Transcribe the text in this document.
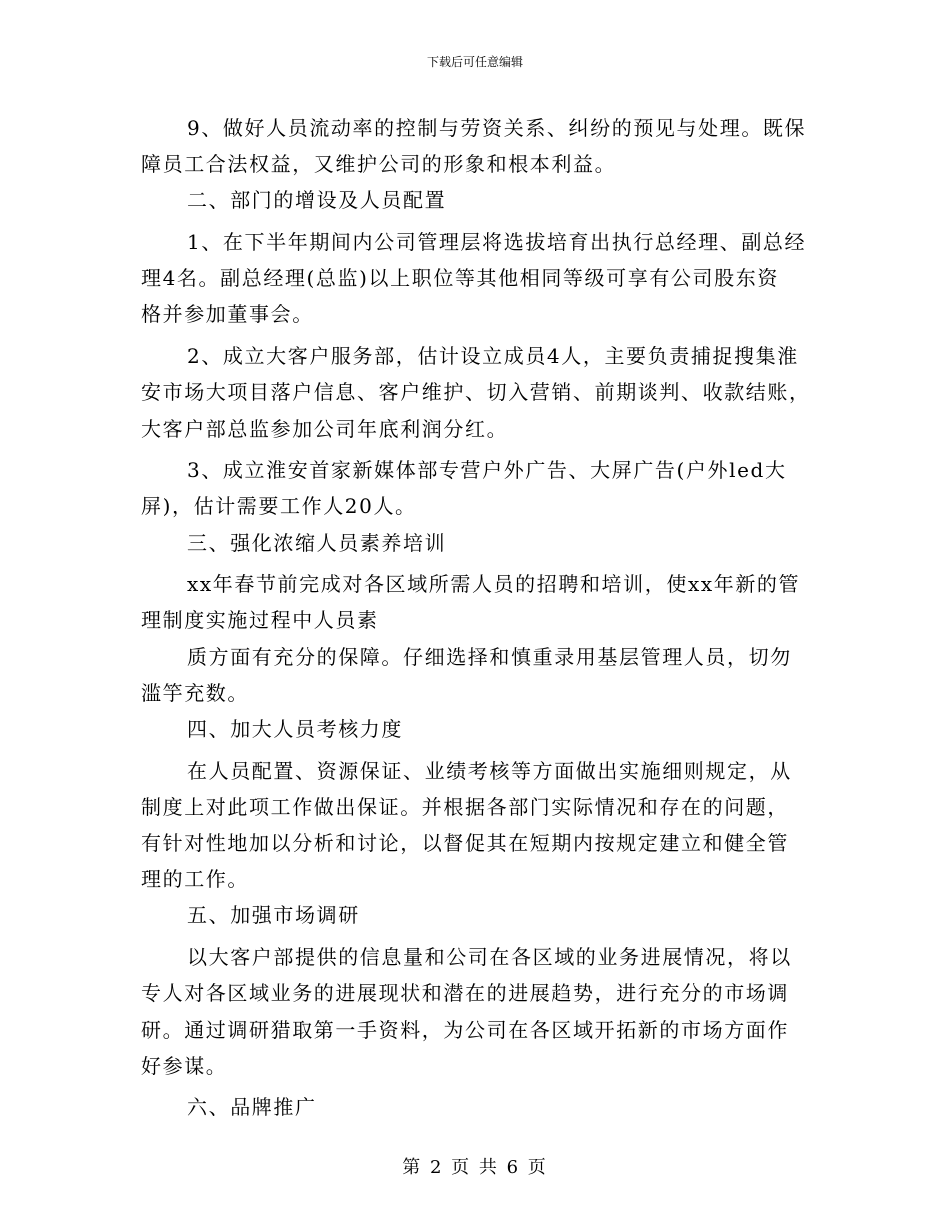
下载后可任意编辑
9、做好人员流动率的控制与劳资关系、纠纷的预见与处理。既保
障员工合法权益，又维护公司的形象和根本利益。
二、部门的增设及人员配置
1、在下半年期间内公司管理层将选拔培育出执行总经理、副总经
理4名。副总经理(总监)以上职位等其他相同等级可享有公司股东资
格并参加董事会。
2、成立大客户服务部，估计设立成员4人，主要负责捕捉搜集淮
安市场大项目落户信息、客户维护、切入营销、前期谈判、收款结账，
大客户部总监参加公司年底利润分红。
3、成立淮安首家新媒体部专营户外广告、大屏广告(户外led大
屏)，估计需要工作人20人。
三、强化浓缩人员素养培训
xx年春节前完成对各区域所需人员的招聘和培训，使xx年新的管
理制度实施过程中人员素
质方面有充分的保障。仔细选择和慎重录用基层管理人员，切勿
滥竽充数。
四、加大人员考核力度
在人员配置、资源保证、业绩考核等方面做出实施细则规定，从
制度上对此项工作做出保证。并根据各部门实际情况和存在的问题，
有针对性地加以分析和讨论，以督促其在短期内按规定建立和健全管
理的工作。
五、加强市场调研
以大客户部提供的信息量和公司在各区域的业务进展情况，将以
专人对各区域业务的进展现状和潜在的进展趋势，进行充分的市场调
研。通过调研猎取第一手资料，为公司在各区域开拓新的市场方面作
好参谋。
六、品牌推广
第 2 页 共 6 页
